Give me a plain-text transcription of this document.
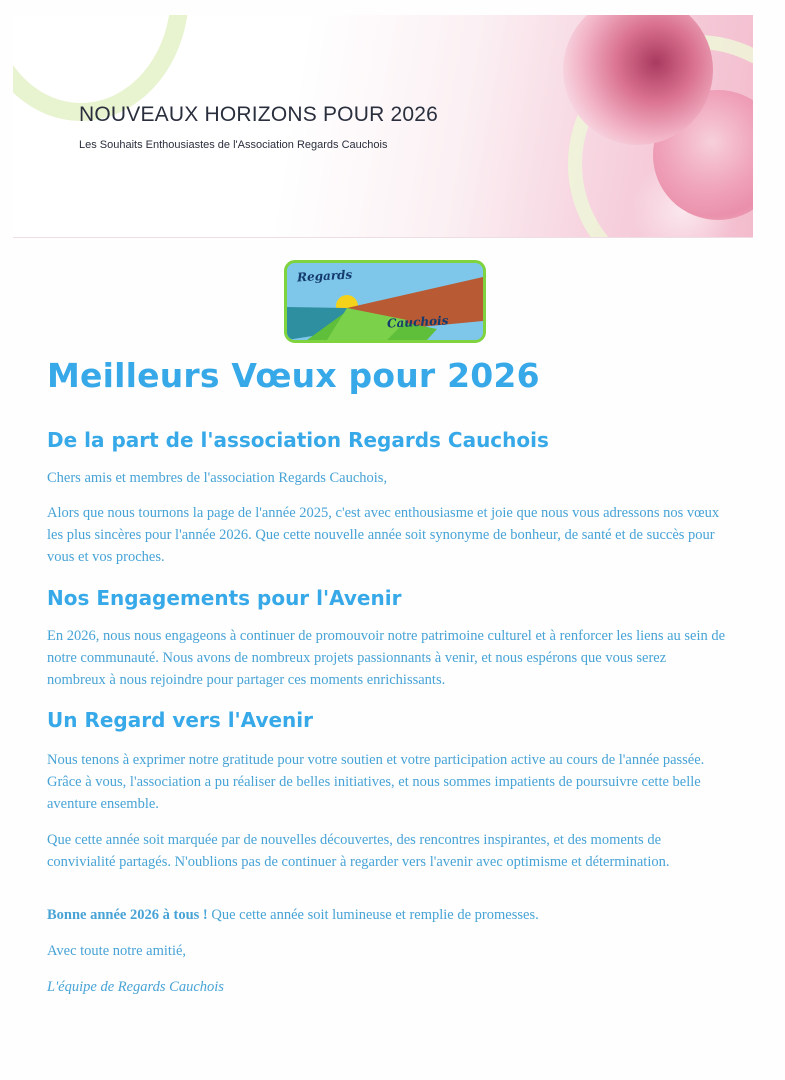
NOUVEAUX HORIZONS POUR 2026
Les Souhaits Enthousiastes de l'Association Regards Cauchois
Regards
Cauchois
Meilleurs Vœux pour 2026
De la part de l'association Regards Cauchois

Chers amis et membres de l'association Regards Cauchois,

Alors que nous tournons la page de l'année 2025, c'est avec enthousiasme et joie que nous vous adressons nos vœux les plus sincères pour l'année 2026. Que cette nouvelle année soit synonyme de bonheur, de santé et de succès pour vous et vos proches.

Nos Engagements pour l'Avenir

En 2026, nous nous engageons à continuer de promouvoir notre patrimoine culturel et à renforcer les liens au sein de notre communauté. Nous avons de nombreux projets passionnants à venir, et nous espérons que vous serez nombreux à nous rejoindre pour partager ces moments enrichissants.

Un Regard vers l'Avenir

Nous tenons à exprimer notre gratitude pour votre soutien et votre participation active au cours de l'année passée. Grâce à vous, l'association a pu réaliser de belles initiatives, et nous sommes impatients de poursuivre cette belle aventure ensemble.

Que cette année soit marquée par de nouvelles découvertes, des rencontres inspirantes, et des moments de convivialité partagés. N'oublions pas de continuer à regarder vers l'avenir avec optimisme et détermination.

Bonne année 2026 à tous ! Que cette année soit lumineuse et remplie de promesses.

Avec toute notre amitié,

L'équipe de Regards Cauchois
